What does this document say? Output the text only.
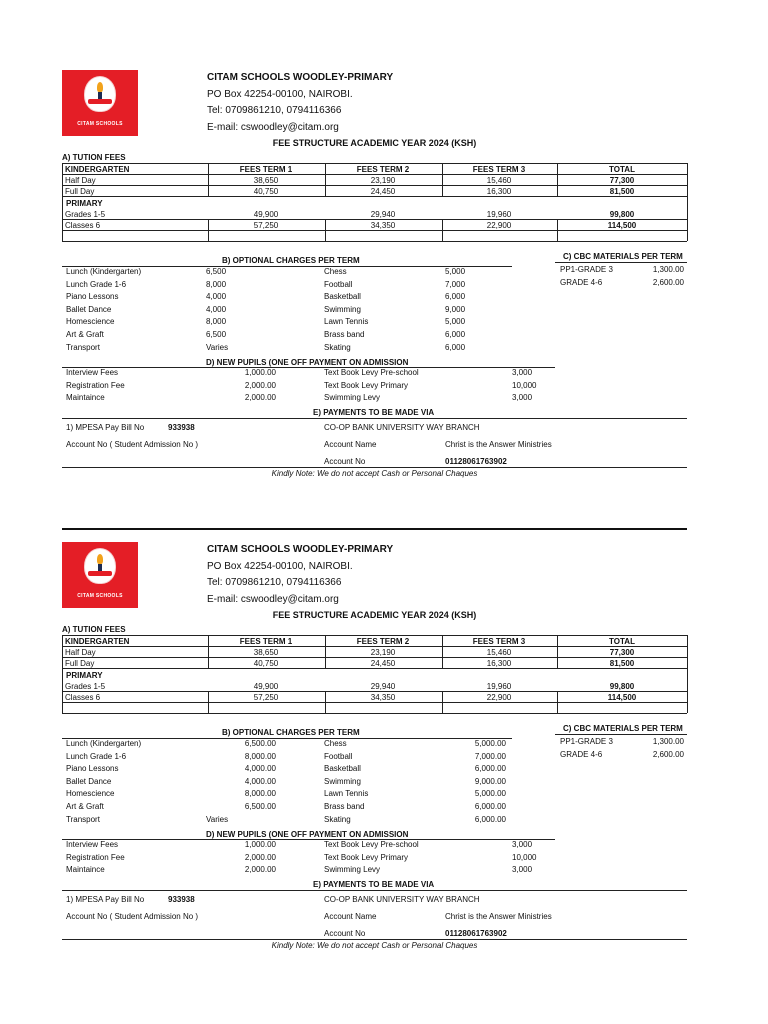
CITAM SCHOOLS
CITAM SCHOOLS WOODLEY-PRIMARY
PO Box 42254-00100, NAIROBI.
Tel: 0709861210, 0794116366
E-mail: cswoodley@citam.org
FEE STRUCTURE ACADEMIC YEAR 2024 (KSH)
A) TUTION FEES
KINDERGARTEN	FEES TERM 1	FEES TERM 2	FEES TERM 3	TOTAL
Half Day	38,650	23,190	15,460	77,300
Full Day	40,750	24,450	16,300	81,500
PRIMARY
Grades 1-5	49,900	29,940	19,960	99,800
Classes 6	57,250	34,350	22,900	114,500
B) OPTIONAL CHARGES PER TERM	C) CBC MATERIALS PER TERM
Lunch (Kindergarten)	6,500
Lunch Grade 1-6	8,000
Piano Lessons	4,000
Ballet Dance	4,000
Homescience	8,000
Art & Graft	6,500
Transport	Varies
Chess	5,000
Football	7,000
Basketball	6,000
Swimming	9,000
Lawn Tennis	5,000
Brass band	6,000
Skating	6,000
PP1-GRADE 3	1,300.00
GRADE 4-6	2,600.00
D) NEW PUPILS (ONE OFF PAYMENT ON ADMISSION
Interview Fees	1,000.00
Registration Fee	2,000.00
Maintaince	2,000.00
Text Book Levy Pre-school	3,000
Text Book Levy Primary	10,000
Swimming Levy	3,000
E) PAYMENTS TO BE MADE VIA
1) MPESA Pay Bill No	933938
Account No ( Student Admission No )
CO-OP BANK UNIVERSITY WAY BRANCH
Account Name	Christ is the Answer Ministries
Account No	01128061763902
Kindly Note: We do not accept Cash or Personal Chaques
CITAM SCHOOLS
CITAM SCHOOLS WOODLEY-PRIMARY
PO Box 42254-00100, NAIROBI.
Tel: 0709861210, 0794116366
E-mail: cswoodley@citam.org
FEE STRUCTURE ACADEMIC YEAR 2024 (KSH)
A) TUTION FEES
KINDERGARTEN	FEES TERM 1	FEES TERM 2	FEES TERM 3	TOTAL
Half Day	38,650	23,190	15,460	77,300
Full Day	40,750	24,450	16,300	81,500
PRIMARY
Grades 1-5	49,900	29,940	19,960	99,800
Classes 6	57,250	34,350	22,900	114,500
B) OPTIONAL CHARGES PER TERM	C) CBC MATERIALS PER TERM
Lunch (Kindergarten)	6,500.00
Lunch Grade 1-6	8,000.00
Piano Lessons	4,000.00
Ballet Dance	4,000.00
Homescience	8,000.00
Art & Graft	6,500.00
Transport	Varies
Chess	5,000.00
Football	7,000.00
Basketball	6,000.00
Swimming	9,000.00
Lawn Tennis	5,000.00
Brass band	6,000.00
Skating	6,000.00
PP1-GRADE 3	1,300.00
GRADE 4-6	2,600.00
D) NEW PUPILS (ONE OFF PAYMENT ON ADMISSION
Interview Fees	1,000.00
Registration Fee	2,000.00
Maintaince	2,000.00
Text Book Levy Pre-school	3,000
Text Book Levy Primary	10,000
Swimming Levy	3,000
E) PAYMENTS TO BE MADE VIA
1) MPESA Pay Bill No	933938
Account No ( Student Admission No )
CO-OP BANK UNIVERSITY WAY BRANCH
Account Name	Christ is the Answer Ministries
Account No	01128061763902
Kindly Note: We do not accept Cash or Personal Chaques
